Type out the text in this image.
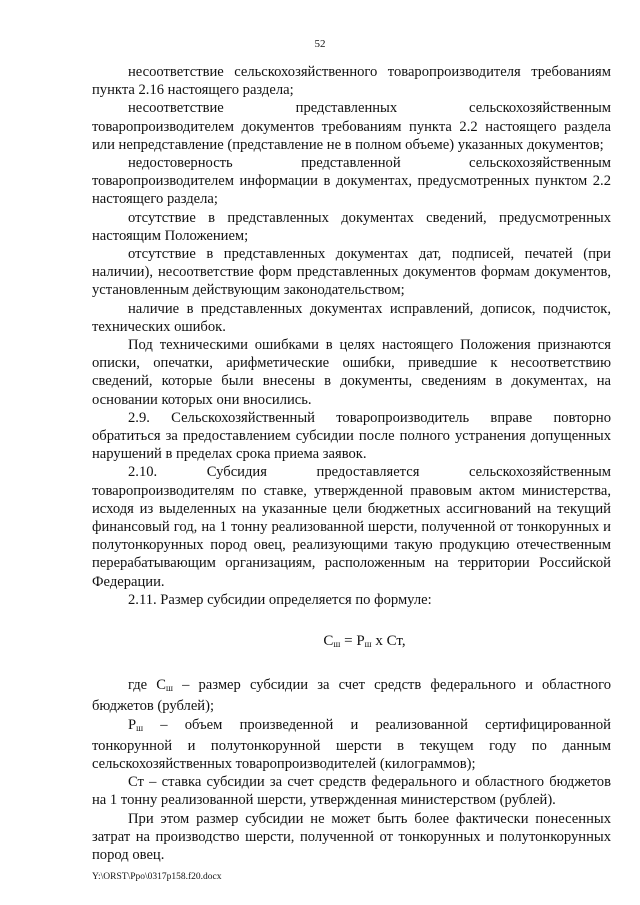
52

несоответствие сельскохозяйственного товаропроизводителя требованиям пункта 2.16 настоящего раздела;

несоответствие представленных сельскохозяйственным товаропроизводителем документов требованиям пункта 2.2 настоящего раздела или непредставление (представление не в полном объеме) указанных документов;

недостоверность представленной сельскохозяйственным товаропроизводителем информации в документах, предусмотренных пунктом 2.2 настоящего раздела;

отсутствие в представленных документах сведений, предусмотренных настоящим Положением;

отсутствие в представленных документах дат, подписей, печатей (при наличии), несоответствие форм представленных документов формам документов, установленным действующим законодательством;

наличие в представленных документах исправлений, дописок, подчисток, технических ошибок.

Под техническими ошибками в целях настоящего Положения признаются описки, опечатки, арифметические ошибки, приведшие к несоответствию сведений, которые были внесены в документы, сведениям в документах, на основании которых они вносились.

2.9. Сельскохозяйственный товаропроизводитель вправе повторно обратиться за предоставлением субсидии после полного устранения допущенных нарушений в пределах срока приема заявок.

2.10. Субсидия предоставляется сельскохозяйственным товаропроизводителям по ставке, утвержденной правовым актом министерства, исходя из выделенных на указанные цели бюджетных ассигнований на текущий финансовый год, на 1 тонну реализованной шерсти, полученной от тонкорунных и полутонкорунных пород овец, реализующими такую продукцию отечественным перерабатывающим организациям, расположенным на территории Российской Федерации.

2.11. Размер субсидии определяется по формуле:

$С_ш = Р_ш$ х Ст,

где $С_ш$ – размер субсидии за счет средств федерального и областного бюджетов (рублей);

$Р_ш$ – объем произведенной и реализованной сертифицированной тонкорунной и полутонкорунной шерсти в текущем году по данным сельскохозяйственных товаропроизводителей (килограммов);

Ст – ставка субсидии за счет средств федерального и областного бюджетов на 1 тонну реализованной шерсти, утвержденная министерством (рублей).

При этом размер субсидии не может быть более фактически понесенных затрат на производство шерсти, полученной от тонкорунных и полутонкорунных пород овец.

Y:\ORST\Ppo\0317p158.f20.docx
